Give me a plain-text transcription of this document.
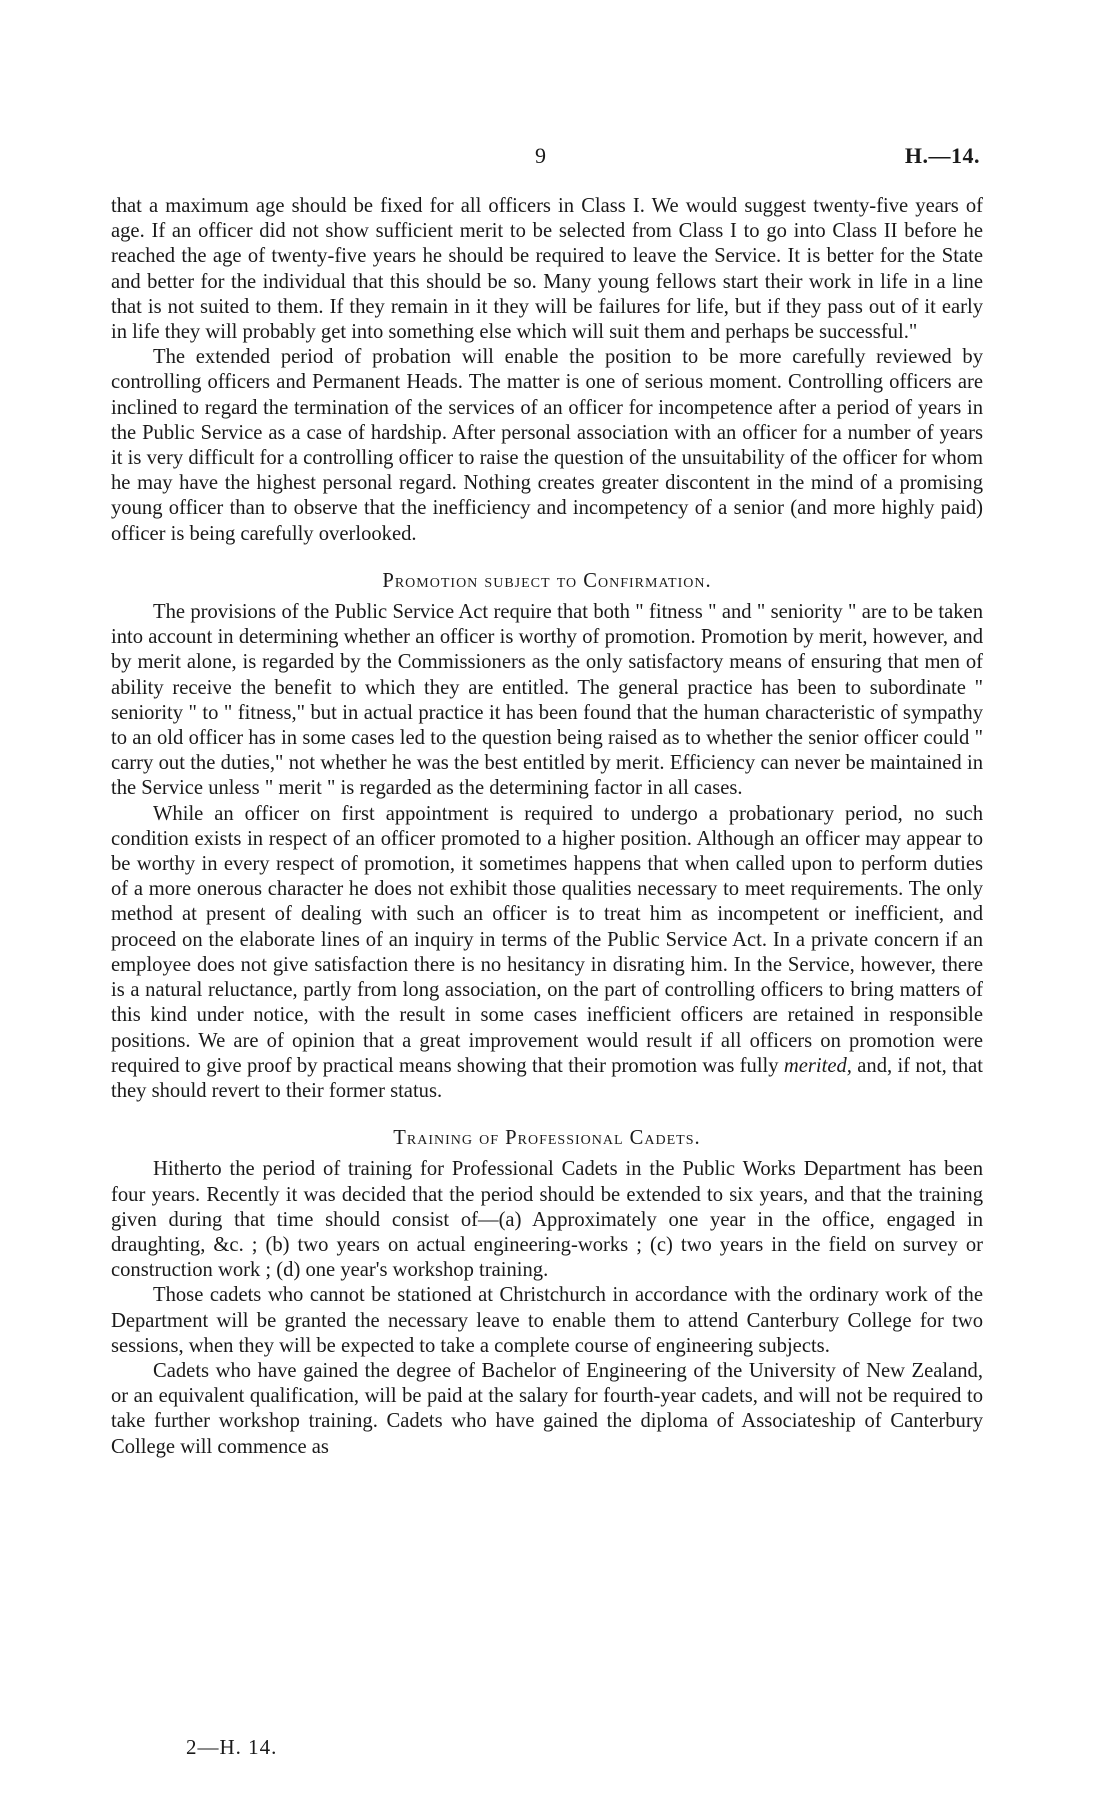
9	H.—14.

that a maximum age should be fixed for all officers in Class I. We would suggest twenty-five years of age. If an officer did not show sufficient merit to be selected from Class I to go into Class II before he reached the age of twenty-five years he should be required to leave the Service. It is better for the State and better for the individual that this should be so. Many young fellows start their work in life in a line that is not suited to them. If they remain in it they will be failures for life, but if they pass out of it early in life they will probably get into something else which will suit them and perhaps be successful."

The extended period of probation will enable the position to be more carefully reviewed by controlling officers and Permanent Heads. The matter is one of serious moment. Controlling officers are inclined to regard the termination of the services of an officer for incompetence after a period of years in the Public Service as a case of hardship. After personal association with an officer for a number of years it is very difficult for a controlling officer to raise the question of the unsuitability of the officer for whom he may have the highest personal regard. Nothing creates greater discontent in the mind of a promising young officer than to observe that the inefficiency and incompetency of a senior (and more highly paid) officer is being carefully overlooked.

Promotion subject to Confirmation.

The provisions of the Public Service Act require that both " fitness " and " seniority " are to be taken into account in determining whether an officer is worthy of promotion. Promotion by merit, however, and by merit alone, is regarded by the Commissioners as the only satisfactory means of ensuring that men of ability receive the benefit to which they are entitled. The general practice has been to subordinate " seniority " to " fitness," but in actual practice it has been found that the human characteristic of sympathy to an old officer has in some cases led to the question being raised as to whether the senior officer could " carry out the duties," not whether he was the best entitled by merit. Efficiency can never be maintained in the Service unless " merit " is regarded as the determining factor in all cases.

While an officer on first appointment is required to undergo a probationary period, no such condition exists in respect of an officer promoted to a higher position. Although an officer may appear to be worthy in every respect of promotion, it sometimes happens that when called upon to perform duties of a more onerous character he does not exhibit those qualities necessary to meet requirements. The only method at present of dealing with such an officer is to treat him as incompetent or inefficient, and proceed on the elaborate lines of an inquiry in terms of the Public Service Act. In a private concern if an employee does not give satisfaction there is no hesitancy in disrating him. In the Service, however, there is a natural reluctance, partly from long association, on the part of controlling officers to bring matters of this kind under notice, with the result in some cases inefficient officers are retained in responsible positions. We are of opinion that a great improvement would result if all officers on promotion were required to give proof by practical means showing that their promotion was fully merited, and, if not, that they should revert to their former status.

Training of Professional Cadets.

Hitherto the period of training for Professional Cadets in the Public Works Department has been four years. Recently it was decided that the period should be extended to six years, and that the training given during that time should consist of—(a) Approximately one year in the office, engaged in draughting, &c. ; (b) two years on actual engineering-works ; (c) two years in the field on survey or construction work ; (d) one year's workshop training.

Those cadets who cannot be stationed at Christchurch in accordance with the ordinary work of the Department will be granted the necessary leave to enable them to attend Canterbury College for two sessions, when they will be expected to take a complete course of engineering subjects.

Cadets who have gained the degree of Bachelor of Engineering of the University of New Zealand, or an equivalent qualification, will be paid at the salary for fourth-year cadets, and will not be required to take further workshop training. Cadets who have gained the diploma of Associateship of Canterbury College will commence as

2—H. 14.
